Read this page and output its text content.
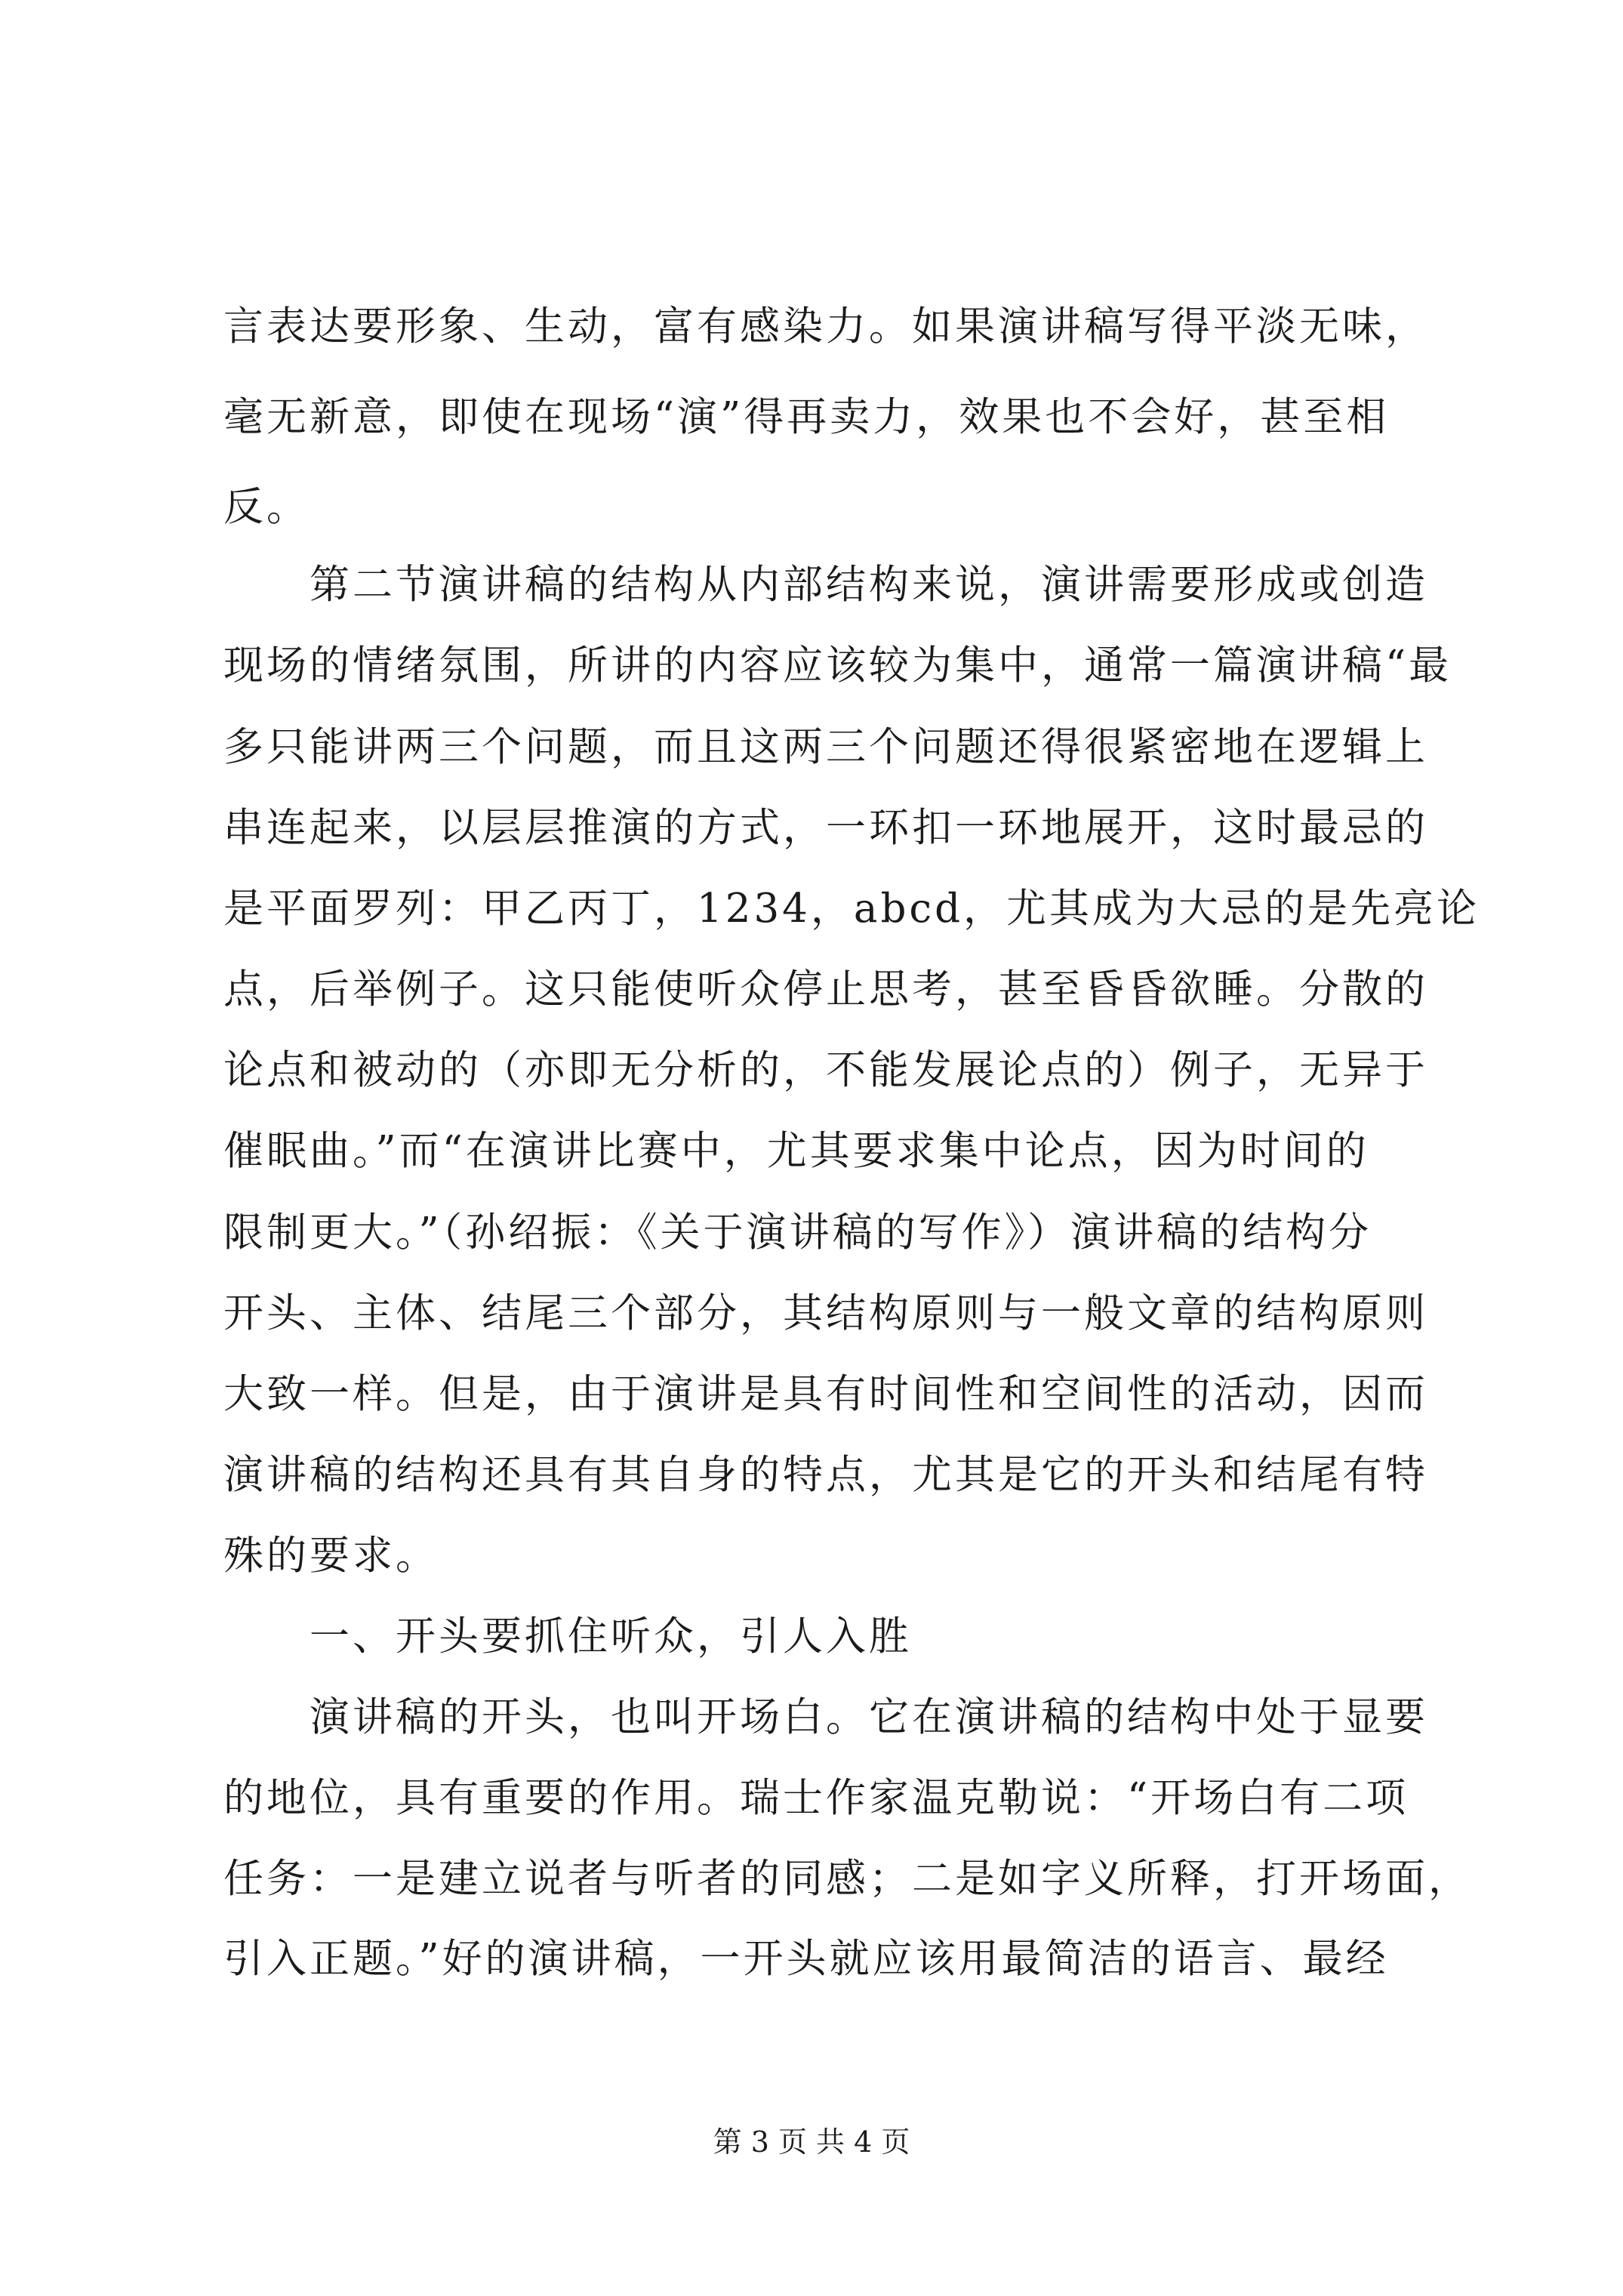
言表达要形象、生动，富有感染力。如果演讲稿写得平淡无味，
毫无新意，即使在现场“演”得再卖力，效果也不会好，甚至相
反。
　　第二节演讲稿的结构从内部结构来说，演讲需要形成或创造
现场的情绪氛围，所讲的内容应该较为集中，通常一篇演讲稿“最
多只能讲两三个问题，而且这两三个问题还得很紧密地在逻辑上
串连起来，以层层推演的方式，一环扣一环地展开，这时最忌的
是平面罗列：甲乙丙丁，1234，abcd，尤其成为大忌的是先亮论
点，后举例子。这只能使听众停止思考，甚至昏昏欲睡。分散的
论点和被动的（亦即无分析的，不能发展论点的）例子，无异于
催眠曲。”而“在演讲比赛中，尤其要求集中论点，因为时间的
限制更大。”（孙绍振：《关于演讲稿的写作》）演讲稿的结构分
开头、主体、结尾三个部分，其结构原则与一般文章的结构原则
大致一样。但是，由于演讲是具有时间性和空间性的活动，因而
演讲稿的结构还具有其自身的特点，尤其是它的开头和结尾有特
殊的要求。
　　一、开头要抓住听众，引人入胜
　　演讲稿的开头，也叫开场白。它在演讲稿的结构中处于显要
的地位，具有重要的作用。瑞士作家温克勒说：“开场白有二项
任务：一是建立说者与听者的同感；二是如字义所释，打开场面，
引入正题。”好的演讲稿，一开头就应该用最简洁的语言、最经
第 3 页 共 4 页
